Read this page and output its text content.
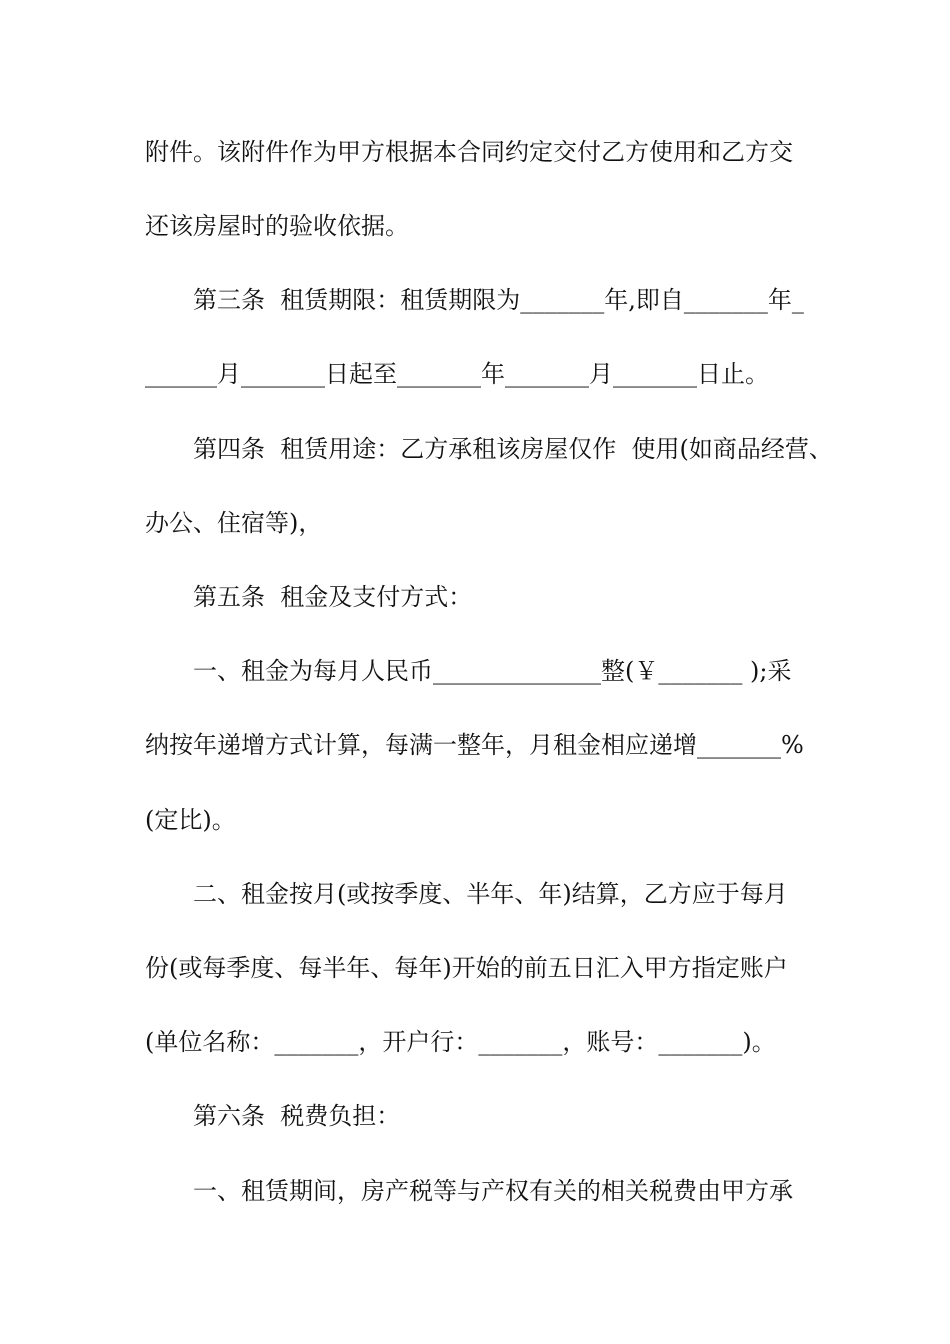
附件。该附件作为甲方根据本合同约定交付乙方使用和乙方交
还该房屋时的验收依据。
第三条  租赁期限：租赁期限为_______年,即自_______年_
______月_______日起至_______年_______月_______日止。
第四条  租赁用途：乙方承租该房屋仅作  使用(如商品经营、
办公、住宿等)，
第五条  租金及支付方式：
一、租金为每月人民币______________整(￥_______ );采
纳按年递增方式计算，每满一整年，月租金相应递增_______%
(定比)。
二、租金按月(或按季度、半年、年)结算，乙方应于每月
份(或每季度、每半年、每年)开始的前五日汇入甲方指定账户
(单位名称：_______，开户行：_______，账号：_______)。
第六条  税费负担：
一、租赁期间，房产税等与产权有关的相关税费由甲方承
